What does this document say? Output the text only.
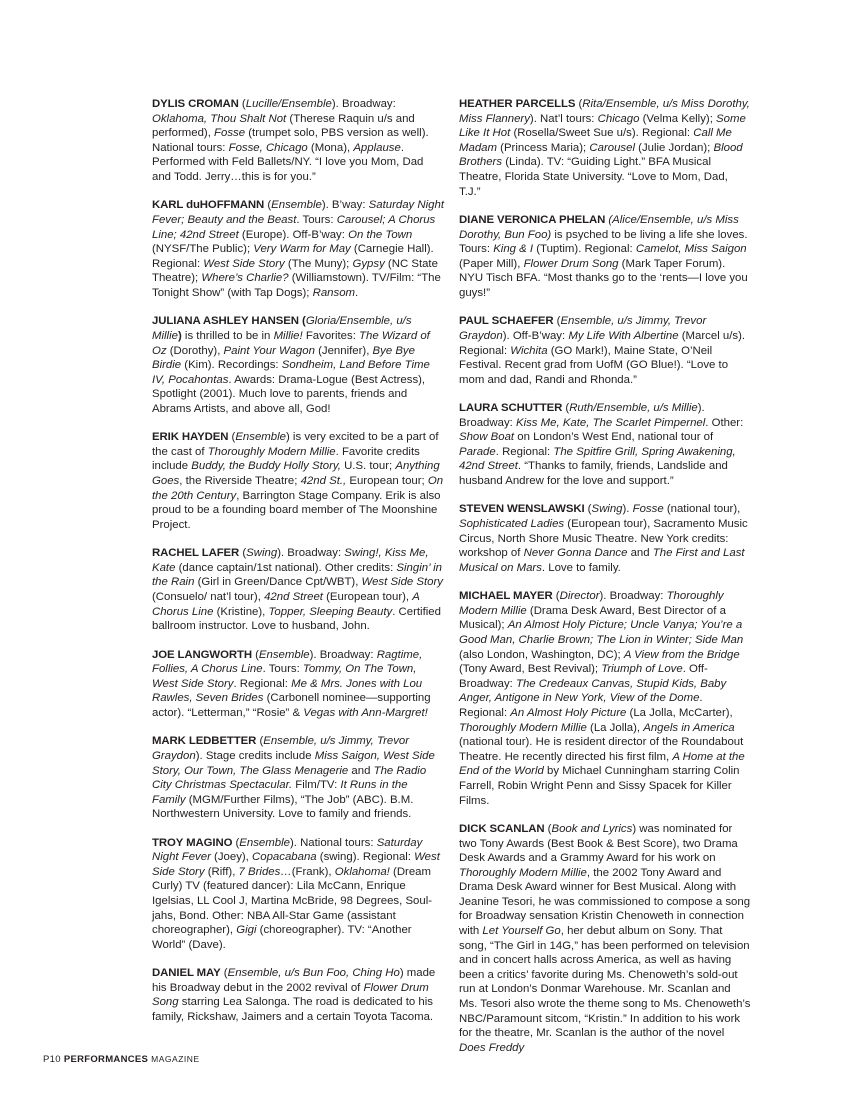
DYLIS CROMAN (Lucille/Ensemble). Broadway: Oklahoma, Thou Shalt Not (Therese Raquin u/s and performed), Fosse (trumpet solo, PBS version as well). National tours: Fosse, Chicago (Mona), Applause. Performed with Feld Ballets/NY. “I love you Mom, Dad and Todd. Jerry…this is for you.”

KARL duHOFFMANN (Ensemble). B’way: Saturday Night Fever; Beauty and the Beast. Tours: Carousel; A Chorus Line; 42nd Street (Europe). Off-B’way: On the Town (NYSF/The Public); Very Warm for May (Carnegie Hall). Regional: West Side Story (The Muny); Gypsy (NC State Theatre); Where’s Charlie? (Williamstown). TV/Film: “The Tonight Show” (with Tap Dogs); Ransom.

JULIANA ASHLEY HANSEN (Gloria/Ensemble, u/s Millie) is thrilled to be in Millie! Favorites: The Wizard of Oz (Dorothy), Paint Your Wagon (Jennifer), Bye Bye Birdie (Kim). Recordings: Sondheim, Land Before Time IV, Pocahontas. Awards: Drama-Logue (Best Actress), Spotlight (2001). Much love to parents, friends and Abrams Artists, and above all, God!

ERIK HAYDEN (Ensemble) is very excited to be a part of the cast of Thoroughly Modern Millie. Favorite credits include Buddy, the Buddy Holly Story, U.S. tour; Anything Goes, the Riverside Theatre; 42nd St., European tour; On the 20th Century, Barrington Stage Company. Erik is also proud to be a founding board member of The Moonshine Project.

RACHEL LAFER (Swing). Broadway: Swing!, Kiss Me, Kate (dance captain/1st national). Other credits: Singin’ in the Rain (Girl in Green/Dance Cpt/WBT), West Side Story (Consuelo/ nat’l tour), 42nd Street (European tour), A Chorus Line (Kristine), Topper, Sleeping Beauty. Certified ballroom instructor. Love to husband, John.

JOE LANGWORTH (Ensemble). Broadway: Ragtime, Follies, A Chorus Line. Tours: Tommy, On The Town, West Side Story. Regional: Me & Mrs. Jones with Lou Rawles, Seven Brides (Carbonell nominee—supporting actor). “Letterman,” “Rosie” & Vegas with Ann-Margret!

MARK LEDBETTER (Ensemble, u/s Jimmy, Trevor Graydon). Stage credits include Miss Saigon, West Side Story, Our Town, The Glass Menagerie and The Radio City Christmas Spectacular. Film/TV: It Runs in the Family (MGM/Further Films), “The Job” (ABC). B.M. Northwestern University. Love to family and friends.

TROY MAGINO (Ensemble). National tours: Saturday Night Fever (Joey), Copacabana (swing). Regional: West Side Story (Riff), 7 Brides…(Frank), Oklahoma! (Dream Curly) TV (featured dancer): Lila McCann, Enrique Igelsias, LL Cool J, Martina McBride, 98 Degrees, Soul-jahs, Bond. Other: NBA All-Star Game (assistant choreographer), Gigi (choreographer). TV: “Another World” (Dave).

DANIEL MAY (Ensemble, u/s Bun Foo, Ching Ho) made his Broadway debut in the 2002 revival of Flower Drum Song starring Lea Salonga. The road is dedicated to his family, Rickshaw, Jaimers and a certain Toyota Tacoma.

HEATHER PARCELLS (Rita/Ensemble, u/s Miss Dorothy, Miss Flannery). Nat’l tours: Chicago (Velma Kelly); Some Like It Hot (Rosella/Sweet Sue u/s). Regional: Call Me Madam (Princess Maria); Carousel (Julie Jordan); Blood Brothers (Linda). TV: “Guiding Light.” BFA Musical Theatre, Florida State University. “Love to Mom, Dad, T.J.”

DIANE VERONICA PHELAN (Alice/Ensemble, u/s Miss Dorothy, Bun Foo) is psyched to be living a life she loves. Tours: King & I (Tuptim). Regional: Camelot, Miss Saigon (Paper Mill), Flower Drum Song (Mark Taper Forum). NYU Tisch BFA. “Most thanks go to the ‘rents—I love you guys!”

PAUL SCHAEFER (Ensemble, u/s Jimmy, Trevor Graydon). Off-B’way: My Life With Albertine (Marcel u/s). Regional: Wichita (GO Mark!), Maine State, O’Neil Festival. Recent grad from UofM (GO Blue!). “Love to mom and dad, Randi and Rhonda.”

LAURA SCHUTTER (Ruth/Ensemble, u/s Millie). Broadway: Kiss Me, Kate, The Scarlet Pimpernel. Other: Show Boat on London’s West End, national tour of Parade. Regional: The Spitfire Grill, Spring Awakening, 42nd Street. “Thanks to family, friends, Landslide and husband Andrew for the love and support.”

STEVEN WENSLAWSKI (Swing). Fosse (national tour), Sophisticated Ladies (European tour), Sacramento Music Circus, North Shore Music Theatre. New York credits: workshop of Never Gonna Dance and The First and Last Musical on Mars. Love to family.

MICHAEL MAYER (Director). Broadway: Thoroughly Modern Millie (Drama Desk Award, Best Director of a Musical); An Almost Holy Picture; Uncle Vanya; You’re a Good Man, Charlie Brown; The Lion in Winter; Side Man (also London, Washington, DC); A View from the Bridge (Tony Award, Best Revival); Triumph of Love. Off-Broadway: The Credeaux Canvas, Stupid Kids, Baby Anger, Antigone in New York, View of the Dome. Regional: An Almost Holy Picture (La Jolla, McCarter), Thoroughly Modern Millie (La Jolla), Angels in America (national tour). He is resident director of the Roundabout Theatre. He recently directed his first film, A Home at the End of the World by Michael Cunningham starring Colin Farrell, Robin Wright Penn and Sissy Spacek for Killer Films.

DICK SCANLAN (Book and Lyrics) was nominated for two Tony Awards (Best Book & Best Score), two Drama Desk Awards and a Grammy Award for his work on Thoroughly Modern Millie, the 2002 Tony Award and Drama Desk Award winner for Best Musical. Along with Jeanine Tesori, he was commissioned to compose a song for Broadway sensation Kristin Chenoweth in connection with Let Yourself Go, her debut album on Sony. That song, “The Girl in 14G,” has been performed on television and in concert halls across America, as well as having been a critics’ favorite during Ms. Chenoweth’s sold-out run at London’s Donmar Warehouse. Mr. Scanlan and Ms. Tesori also wrote the theme song to Ms. Chenoweth’s NBC/Paramount sitcom, “Kristin.” In addition to his work for the theatre, Mr. Scanlan is the author of the novel Does Freddy

P10 PERFORMANCES MAGAZINE
